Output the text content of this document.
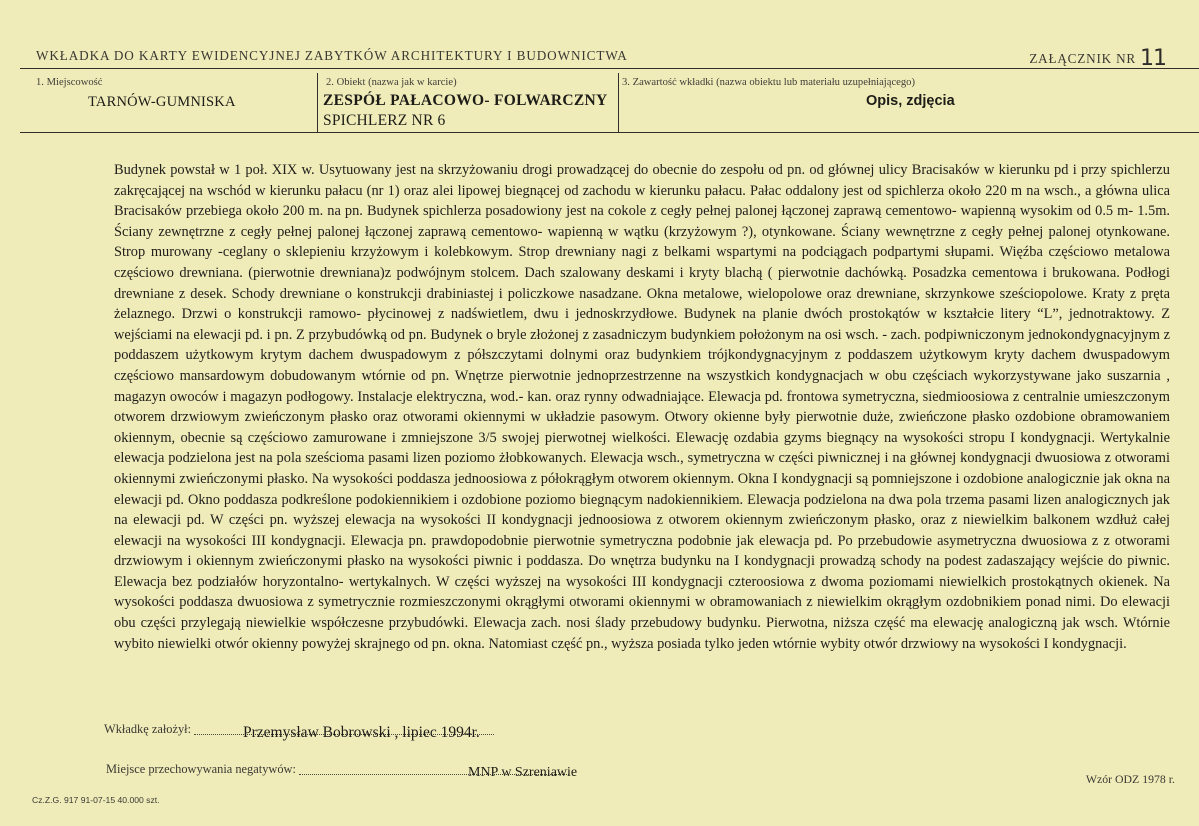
WKŁADKA DO KARTY EWIDENCYJNEJ ZABYTKÓW ARCHITEKTURY I BUDOWNICTWA	ZAŁĄCZNIK NR 11
1. Miejscowość
TARNÓW-GUMNISKA
2. Obiekt (nazwa jak w karcie)
ZESPÓŁ PAŁACOWO- FOLWARCZNY
SPICHLERZ NR 6
3. Zawartość wkładki (nazwa obiektu lub materiału uzupełniającego)
Opis, zdjęcia
Budynek powstał w 1 poł. XIX w. Usytuowany jest na skrzyżowaniu drogi prowadzącej do obecnie do zespołu od pn. od głównej ulicy Bracisaków w kierunku pd i przy spichlerzu zakręcającej na wschód w kierunku pałacu (nr 1) oraz alei lipowej biegnącej od zachodu w kierunku pałacu. Pałac oddalony jest od spichlerza około 220 m na wsch., a główna ulica Bracisaków przebiega około 200 m. na pn. Budynek spichlerza posadowiony jest na cokole z cegły pełnej palonej łączonej zaprawą cementowo- wapienną wysokim od 0.5 m- 1.5m. Ściany zewnętrzne z cegły pełnej palonej łączonej zaprawą cementowo- wapienną w wątku (krzyżowym ?), otynkowane. Ściany wewnętrzne z cegły pełnej palonej otynkowane. Strop murowany -ceglany o sklepieniu krzyżowym i kolebkowym. Strop drewniany nagi z belkami wspartymi na podciągach podpartymi słupami. Więźba częściowo metalowa częściowo drewniana. (pierwotnie drewniana)z podwójnym stolcem. Dach szalowany deskami i kryty blachą ( pierwotnie dachówką. Posadzka cementowa i brukowana. Podłogi drewniane z desek. Schody drewniane o konstrukcji drabiniastej i policzkowe nasadzane. Okna metalowe, wielopolowe oraz drewniane, skrzynkowe sześciopolowe. Kraty z pręta żelaznego. Drzwi o konstrukcji ramowo- płycinowej z nadświetlem, dwu i jednoskrzydłowe. Budynek na planie dwóch prostokątów w kształcie litery “L”, jednotraktowy. Z wejściami na elewacji pd. i pn. Z przybudówką od pn. Budynek o bryle złożonej z zasadniczym budynkiem położonym na osi wsch. - zach. podpiwniczonym jednokondygnacyjnym z poddaszem użytkowym krytym dachem dwuspadowym z półszczytami dolnymi oraz budynkiem trójkondygnacyjnym z poddaszem użytkowym kryty dachem dwuspadowym częściowo mansardowym dobudowanym wtórnie od pn. Wnętrze pierwotnie jednoprzestrzenne na wszystkich kondygnacjach w obu częściach wykorzystywane jako suszarnia , magazyn owoców i magazyn podłogowy. Instalacje elektryczna, wod.- kan. oraz rynny odwadniające. Elewacja pd. frontowa symetryczna, siedmioosiowa z centralnie umieszczonym otworem drzwiowym zwieńczonym płasko oraz otworami okiennymi w układzie pasowym. Otwory okienne były pierwotnie duże, zwieńczone płasko ozdobione obramowaniem okiennym, obecnie są częściowo zamurowane i zmniejszone 3/5 swojej pierwotnej wielkości. Elewację ozdabia gzyms biegnący na wysokości stropu I kondygnacji. Wertykalnie elewacja podzielona jest na pola sześcioma pasami lizen poziomo żłobkowanych. Elewacja wsch., symetryczna w części piwnicznej i na głównej kondygnacji dwuosiowa z otworami okiennymi zwieńczonymi płasko. Na wysokości poddasza jednoosiowa z półokrągłym otworem okiennym. Okna I kondygnacji są pomniejszone i ozdobione analogicznie jak okna na elewacji pd. Okno poddasza podkreślone podokiennikiem i ozdobione poziomo biegnącym nadokiennikiem. Elewacja podzielona na dwa pola trzema pasami lizen analogicznych jak na elewacji pd. W części pn. wyższej elewacja na wysokości II kondygnacji jednoosiowa z otworem okiennym zwieńczonym płasko, oraz z niewielkim balkonem wzdłuż całej elewacji na wysokości III kondygnacji. Elewacja pn. prawdopodobnie pierwotnie symetryczna podobnie jak elewacja pd. Po przebudowie asymetryczna dwuosiowa z z otworami drzwiowym i okiennym zwieńczonymi płasko na wysokości piwnic i poddasza. Do wnętrza budynku na I kondygnacji prowadzą schody na podest zadaszający wejście do piwnic. Elewacja bez podziałów horyzontalno- wertykalnych. W części wyższej na wysokości III kondygnacji czteroosiowa z dwoma poziomami niewielkich prostokątnych okienek. Na wysokości poddasza dwuosiowa z symetrycznie rozmieszczonymi okrągłymi otworami okiennymi w obramowaniach z niewielkim okrągłym ozdobnikiem ponad nimi. Do elewacji obu części przylegają niewielkie współczesne przybudówki. Elewacja zach. nosi ślady przebudowy budynku. Pierwotna, niższa część ma elewację analogiczną jak wsch. Wtórnie wybito niewielki otwór okienny powyżej skrajnego od pn. okna. Natomiast część pn., wyższa posiada tylko jeden wtórnie wybity otwór drzwiowy na wysokości I kondygnacji.
Wkładkę założył:	Przemysław Bobrowski , lipiec 1994r.
Miejsce przechowywania negatywów:	MNP w Szreniawie	Wzór ODZ 1978 r.
Cz.Z.G. 917 91-07-15 40.000 szt.
